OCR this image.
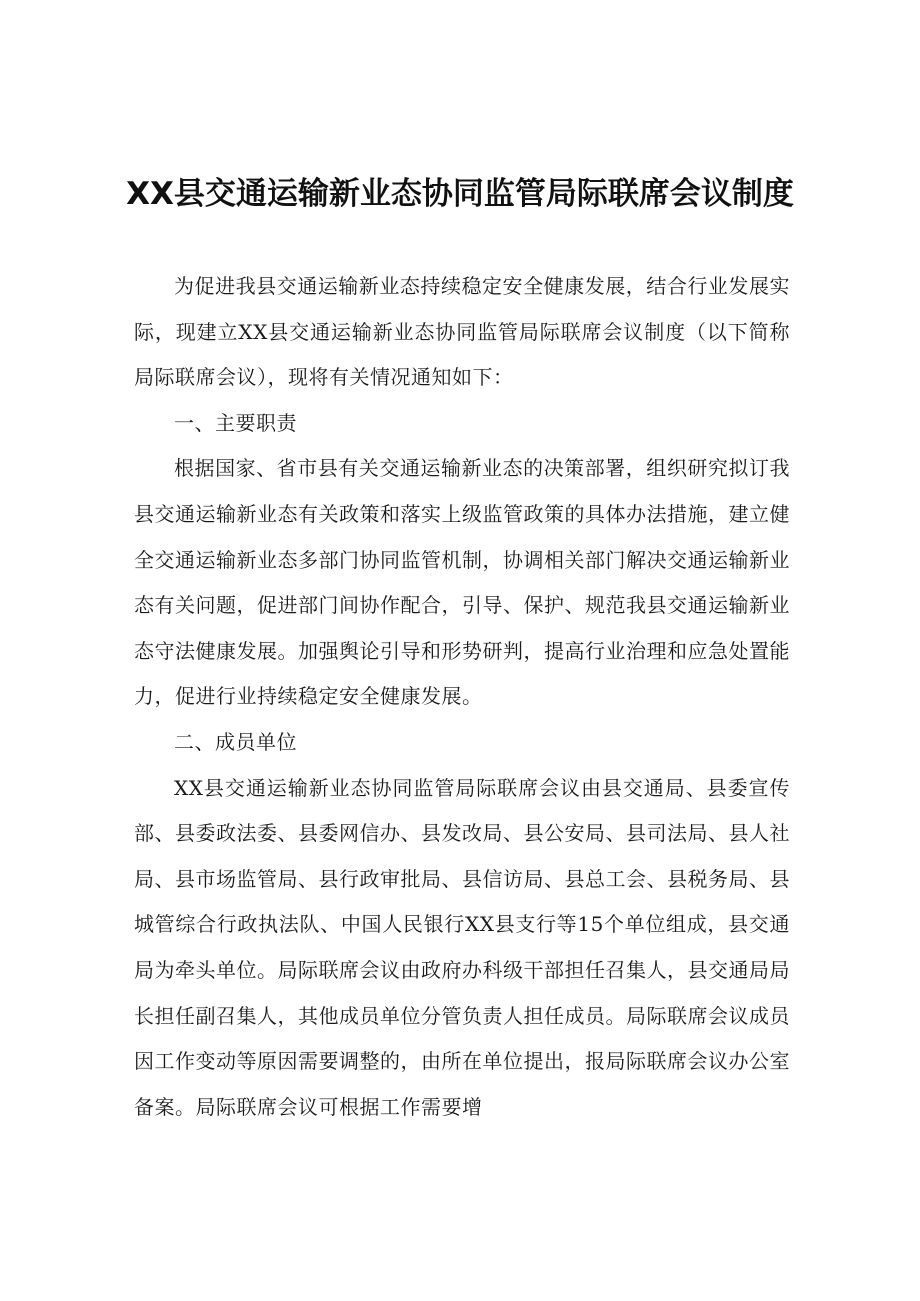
XX县交通运输新业态协同监管局际联席会议制度

为促进我县交通运输新业态持续稳定安全健康发展，结合行业发展实际，现建立XX县交通运输新业态协同监管局际联席会议制度（以下简称局际联席会议），现将有关情况通知如下：

一、主要职责

根据国家、省市县有关交通运输新业态的决策部署，组织研究拟订我县交通运输新业态有关政策和落实上级监管政策的具体办法措施，建立健全交通运输新业态多部门协同监管机制，协调相关部门解决交通运输新业态有关问题，促进部门间协作配合，引导、保护、规范我县交通运输新业态守法健康发展。加强舆论引导和形势研判，提高行业治理和应急处置能力，促进行业持续稳定安全健康发展。

二、成员单位

XX县交通运输新业态协同监管局际联席会议由县交通局、县委宣传部、县委政法委、县委网信办、县发改局、县公安局、县司法局、县人社局、县市场监管局、县行政审批局、县信访局、县总工会、县税务局、县城管综合行政执法队、中国人民银行XX县支行等15个单位组成，县交通局为牵头单位。局际联席会议由政府办科级干部担任召集人，县交通局局长担任副召集人，其他成员单位分管负责人担任成员。局际联席会议成员因工作变动等原因需要调整的，由所在单位提出，报局际联席会议办公室备案。局际联席会议可根据工作需要增
